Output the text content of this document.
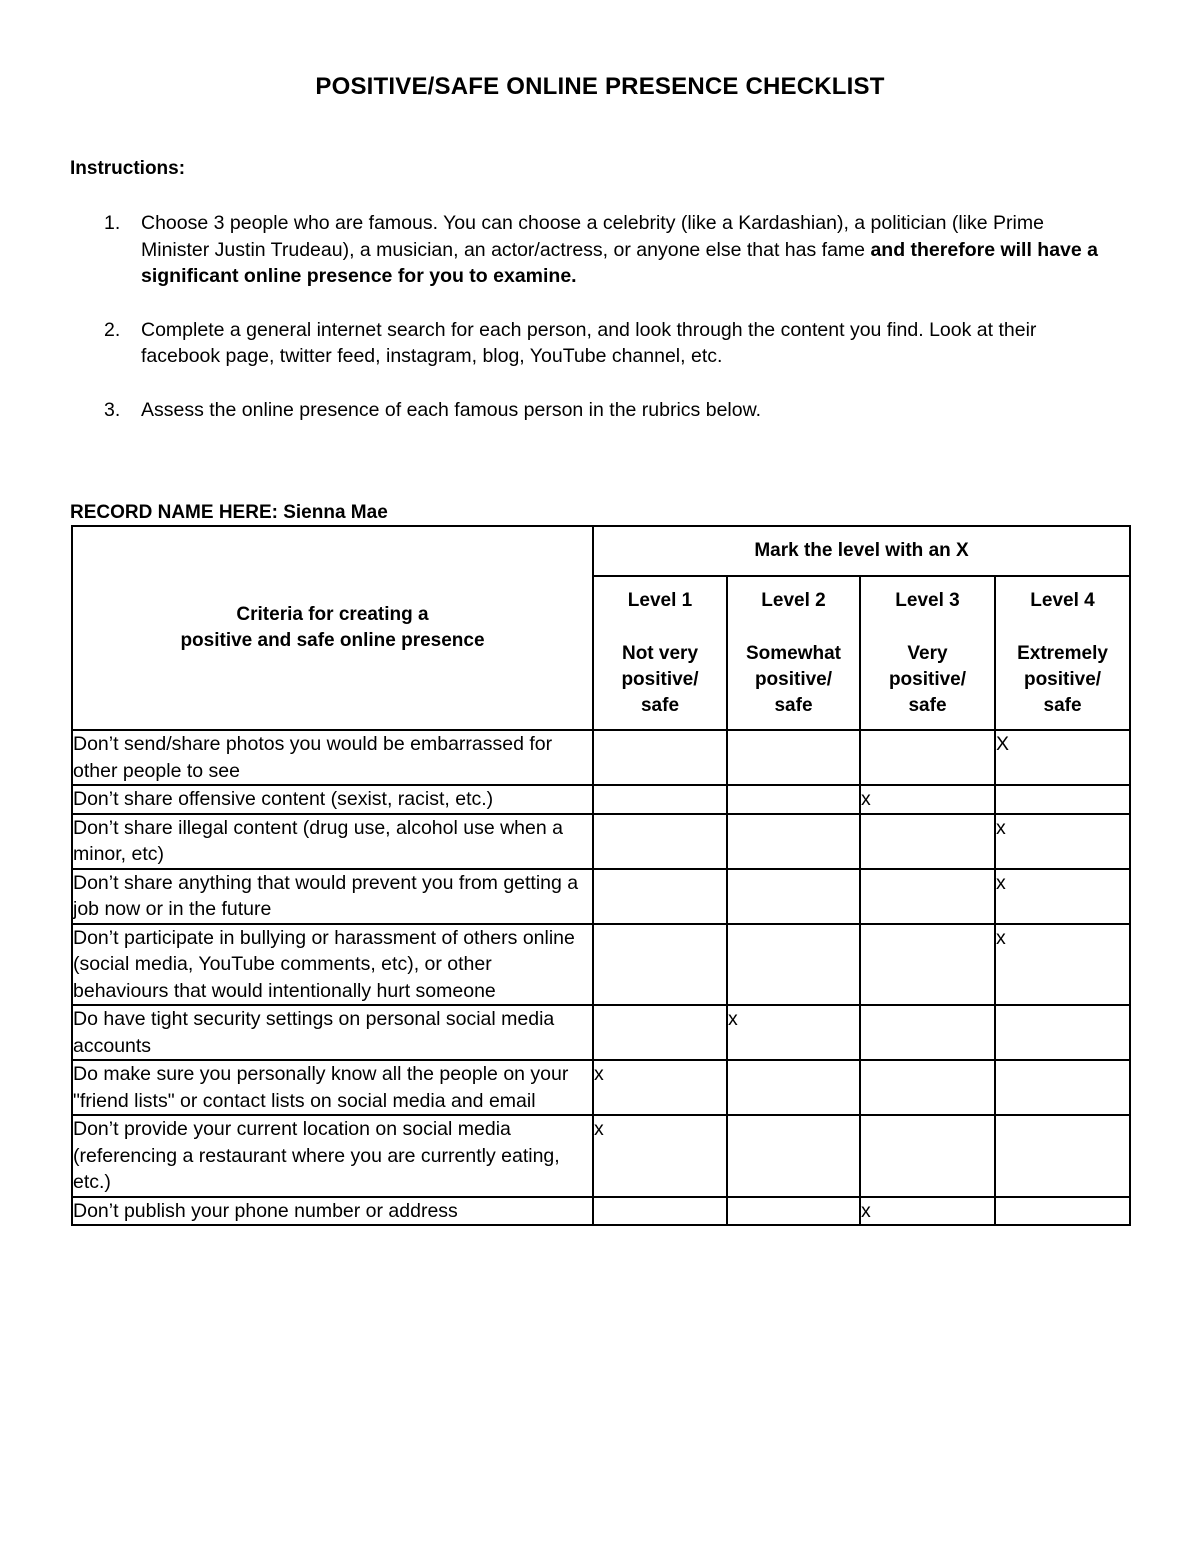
POSITIVE/SAFE ONLINE PRESENCE CHECKLIST
Instructions:
1. Choose 3 people who are famous. You can choose a celebrity (like a Kardashian), a politician (like Prime Minister Justin Trudeau), a musician, an actor/actress, or anyone else that has fame and therefore will have a significant online presence for you to examine.
2. Complete a general internet search for each person, and look through the content you find. Look at their facebook page, twitter feed, instagram, blog, YouTube channel, etc.
3. Assess the online presence of each famous person in the rubrics below.
RECORD NAME HERE: Sienna Mae
Criteria for creating a
positive and safe online presence	Mark the level with an X			

	Level 1
Not very
positive/
safe	Level 2
Somewhat
positive/
safe	Level 3
Very
positive/
safe	Level 4
Extremely
positive/
safe
Don’t send/share photos you would be embarrassed for other people to see				X
Don’t share offensive content (sexist, racist, etc.)			x	
Don’t share illegal content (drug use, alcohol use when a minor, etc)				x
Don’t share anything that would prevent you from getting a job now or in the future				x
Don’t participate in bullying or harassment of others online (social media, YouTube comments, etc), or other behaviours that would intentionally hurt someone				x
Do have tight security settings on personal social media accounts		x		
Do make sure you personally know all the people on your "friend lists" or contact lists on social media and email	x			
Don’t provide your current location on social media (referencing a restaurant where you are currently eating, etc.)	x			
Don’t publish your phone number or address			x	
